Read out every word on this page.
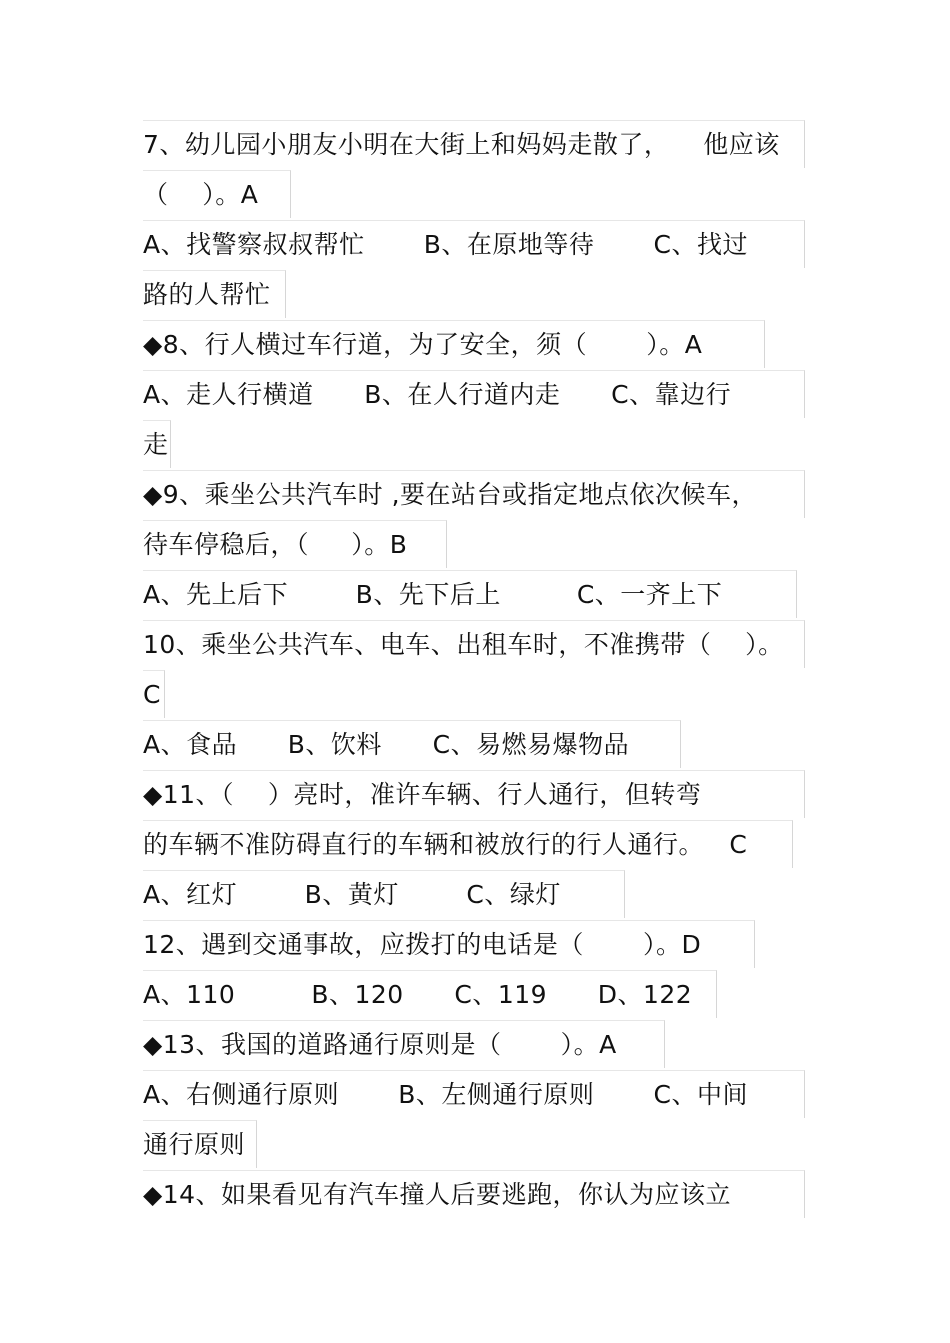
7、幼儿园小朋友小明在大街上和妈妈走散了，    他应该
（    ）。A
A、找警察叔叔帮忙       B、在原地等待       C、找过
路的人帮忙
◆8、行人横过车行道，为了安全，须（       ）。A
A、走人行横道      B、在人行道内走      C、靠边行
走
◆9、乘坐公共汽车时 ,要在站台或指定地点依次候车，
待车停稳后，（     ）。B
A、先上后下        B、先下后上         C、一齐上下
10、乘坐公共汽车、电车、出租车时，不准携带（    ）。
C
A、食品      B、饮料      C、易燃易爆物品
◆11、（    ）亮时，准许车辆、行人通行，但转弯
的车辆不准防碍直行的车辆和被放行的行人通行。   C
A、红灯        B、黄灯        C、绿灯
12、遇到交通事故，应拨打的电话是（       ）。D
A、110         B、120      C、119      D、122
◆13、我国的道路通行原则是（       ）。A
A、右侧通行原则       B、左侧通行原则       C、中间
通行原则
◆14、如果看见有汽车撞人后要逃跑，你认为应该立
